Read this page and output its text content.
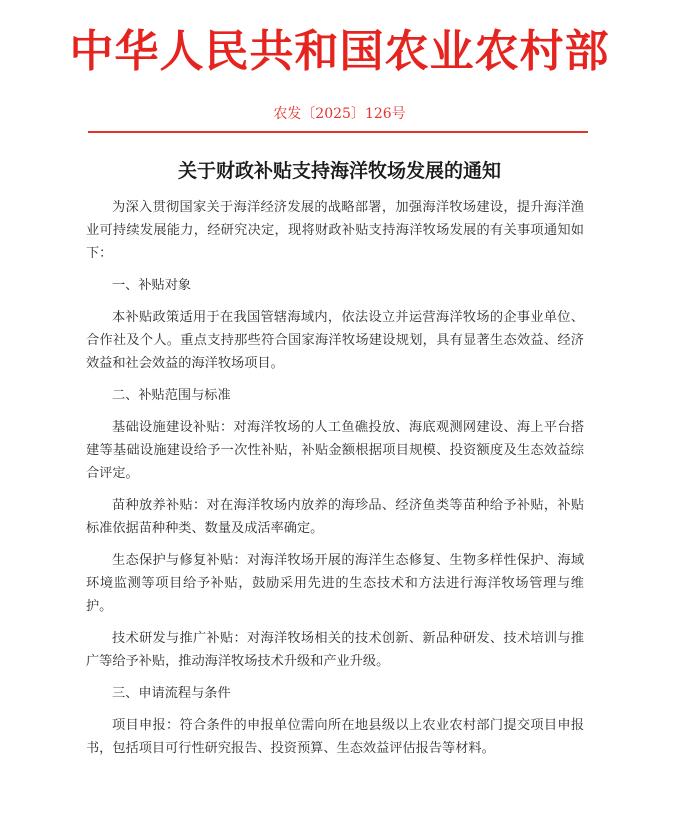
中华人民共和国农业农村部
农发〔2025〕126号
关于财政补贴支持海洋牧场发展的通知

为深入贯彻国家关于海洋经济发展的战略部署，加强海洋牧场建设，提升海洋渔业可持续发展能力，经研究决定，现将财政补贴支持海洋牧场发展的有关事项通知如下：

一、补贴对象

本补贴政策适用于在我国管辖海域内，依法设立并运营海洋牧场的企事业单位、合作社及个人。重点支持那些符合国家海洋牧场建设规划，具有显著生态效益、经济效益和社会效益的海洋牧场项目。

二、补贴范围与标准

基础设施建设补贴：对海洋牧场的人工鱼礁投放、海底观测网建设、海上平台搭建等基础设施建设给予一次性补贴，补贴金额根据项目规模、投资额度及生态效益综合评定。

苗种放养补贴：对在海洋牧场内放养的海珍品、经济鱼类等苗种给予补贴，补贴标准依据苗种种类、数量及成活率确定。

生态保护与修复补贴：对海洋牧场开展的海洋生态修复、生物多样性保护、海域环境监测等项目给予补贴，鼓励采用先进的生态技术和方法进行海洋牧场管理与维护。

技术研发与推广补贴：对海洋牧场相关的技术创新、新品种研发、技术培训与推广等给予补贴，推动海洋牧场技术升级和产业升级。

三、申请流程与条件

项目申报：符合条件的申报单位需向所在地县级以上农业农村部门提交项目申报书，包括项目可行性研究报告、投资预算、生态效益评估报告等材料。
